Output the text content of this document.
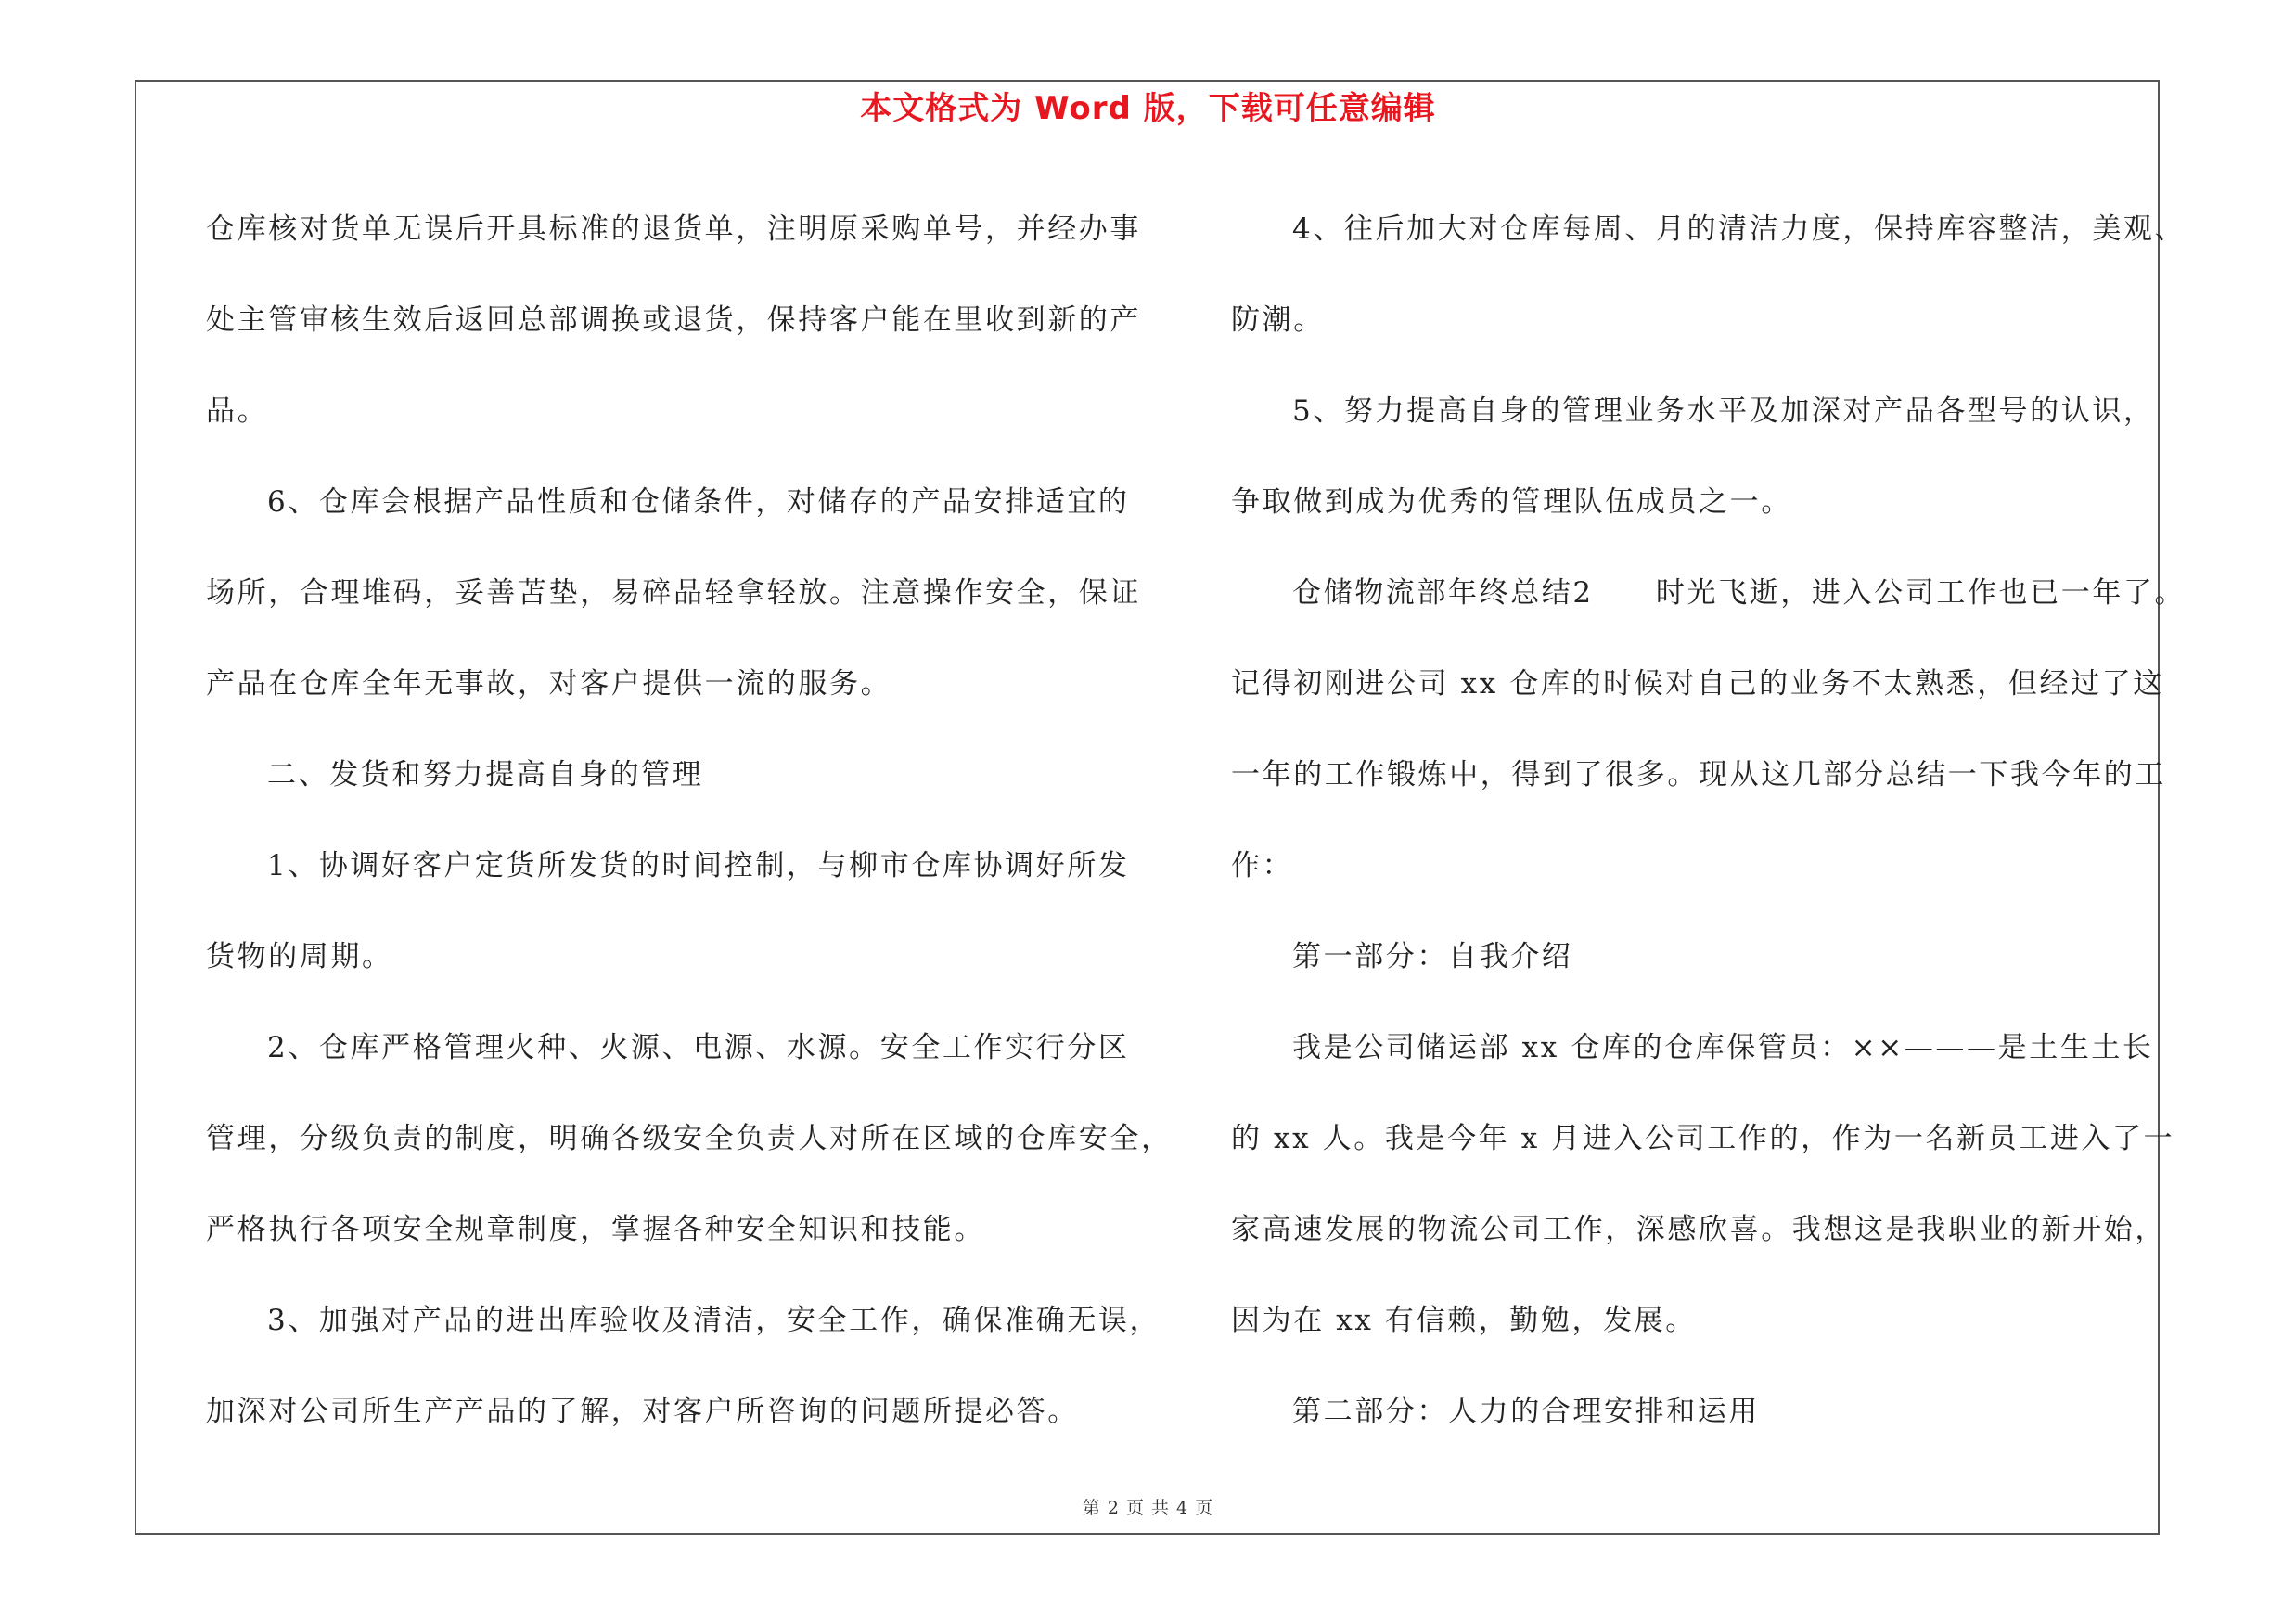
本文格式为 Word 版，下载可任意编辑

仓库核对货单无误后开具标准的退货单，注明原采购单号，并经办事

处主管审核生效后返回总部调换或退货，保持客户能在里收到新的产

品。

6、仓库会根据产品性质和仓储条件，对储存的产品安排适宜的

场所，合理堆码，妥善苫垫，易碎品轻拿轻放。注意操作安全，保证

产品在仓库全年无事故，对客户提供一流的服务。

二、发货和努力提高自身的管理

1、协调好客户定货所发货的时间控制，与柳市仓库协调好所发

货物的周期。

2、仓库严格管理火种、火源、电源、水源。安全工作实行分区

管理，分级负责的制度，明确各级安全负责人对所在区域的仓库安全，

严格执行各项安全规章制度，掌握各种安全知识和技能。

3、加强对产品的进出库验收及清洁，安全工作，确保准确无误，

加深对公司所生产产品的了解，对客户所咨询的问题所提必答。

4、往后加大对仓库每周、月的清洁力度，保持库容整洁，美观、

防潮。

5、努力提高自身的管理业务水平及加深对产品各型号的认识，

争取做到成为优秀的管理队伍成员之一。

仓储物流部年终总结2　　时光飞逝，进入公司工作也已一年了。

记得初刚进公司 xx 仓库的时候对自己的业务不太熟悉，但经过了这

一年的工作锻炼中，得到了很多。现从这几部分总结一下我今年的工

作：

第一部分：自我介绍

我是公司储运部 xx 仓库的仓库保管员：××———是土生土长

的 xx 人。我是今年 x 月进入公司工作的，作为一名新员工进入了一

家高速发展的物流公司工作，深感欣喜。我想这是我职业的新开始，

因为在 xx 有信赖，勤勉，发展。

第二部分：人力的合理安排和运用

第 2 页 共 4 页
